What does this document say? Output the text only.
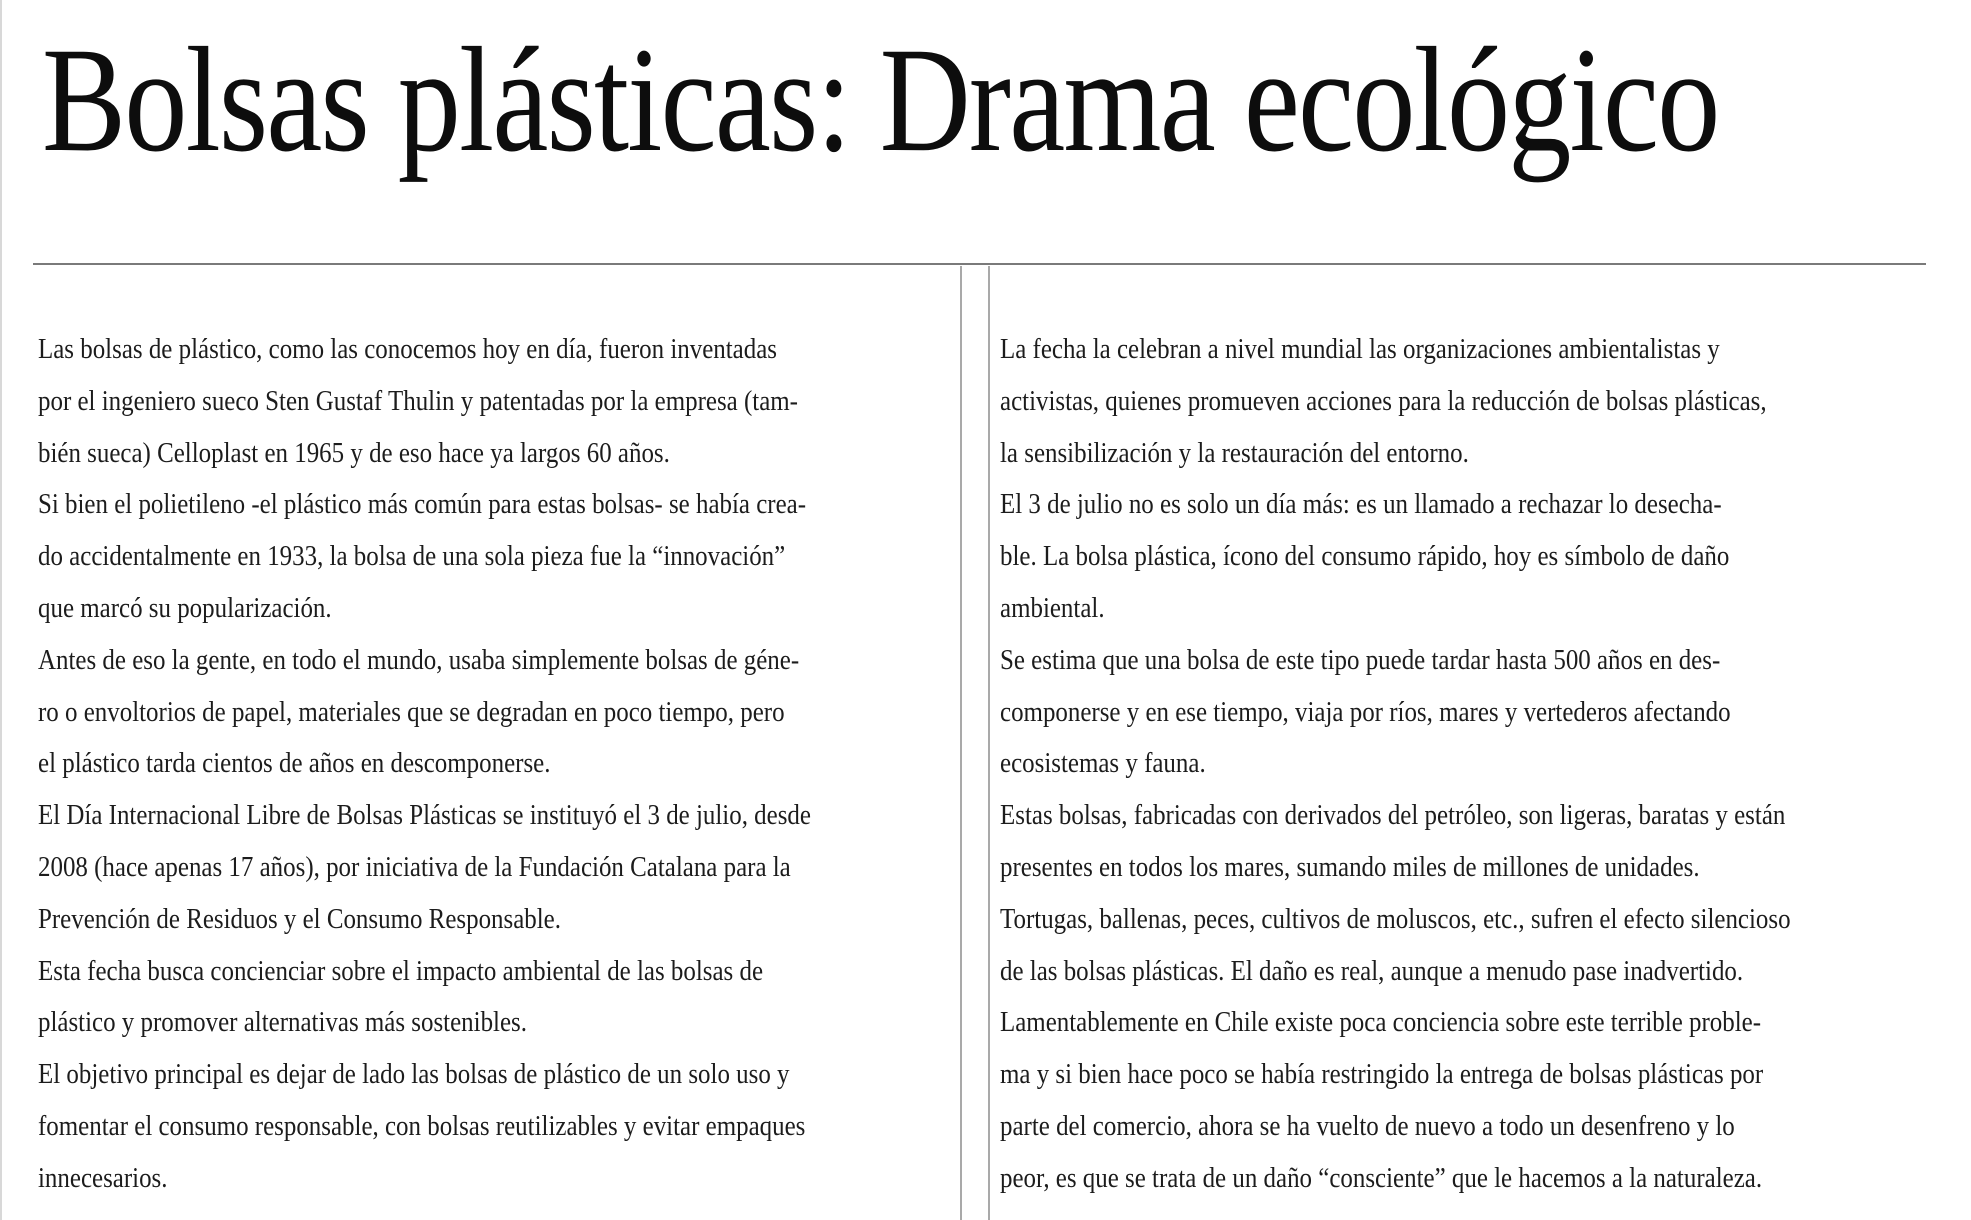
Bolsas plásticas: Drama ecológico
Las bolsas de plástico, como las conocemos hoy en día, fueron inventadas
por el ingeniero sueco Sten Gustaf Thulin y patentadas por la empresa (tam-
bién sueca) Celloplast en 1965 y de eso hace ya largos 60 años.
Si bien el polietileno -el plástico más común para estas bolsas- se había crea-
do accidentalmente en 1933, la bolsa de una sola pieza fue la “innovación”
que marcó su popularización.
Antes de eso la gente, en todo el mundo, usaba simplemente bolsas de géne-
ro o envoltorios de papel, materiales que se degradan en poco tiempo, pero
el plástico tarda cientos de años en descomponerse.
El Día Internacional Libre de Bolsas Plásticas se instituyó el 3 de julio, desde
2008 (hace apenas 17 años), por iniciativa de la Fundación Catalana para la
Prevención de Residuos y el Consumo Responsable.
Esta fecha busca concienciar sobre el impacto ambiental de las bolsas de
plástico y promover alternativas más sostenibles.
El objetivo principal es dejar de lado las bolsas de plástico de un solo uso y
fomentar el consumo responsable, con bolsas reutilizables y evitar empaques
innecesarios.
La fecha la celebran a nivel mundial las organizaciones ambientalistas y
activistas, quienes promueven acciones para la reducción de bolsas plásticas,
la sensibilización y la restauración del entorno.
El 3 de julio no es solo un día más: es un llamado a rechazar lo desecha-
ble. La bolsa plástica, ícono del consumo rápido, hoy es símbolo de daño
ambiental.
Se estima que una bolsa de este tipo puede tardar hasta 500 años en des-
componerse y en ese tiempo, viaja por ríos, mares y vertederos afectando
ecosistemas y fauna.
Estas bolsas, fabricadas con derivados del petróleo, son ligeras, baratas y están
presentes en todos los mares, sumando miles de millones de unidades.
Tortugas, ballenas, peces, cultivos de moluscos, etc., sufren el efecto silencioso
de las bolsas plásticas. El daño es real, aunque a menudo pase inadvertido.
Lamentablemente en Chile existe poca conciencia sobre este terrible proble-
ma y si bien hace poco se había restringido la entrega de bolsas plásticas por
parte del comercio, ahora se ha vuelto de nuevo a todo un desenfreno y lo
peor, es que se trata de un daño “consciente” que le hacemos a la naturaleza.
